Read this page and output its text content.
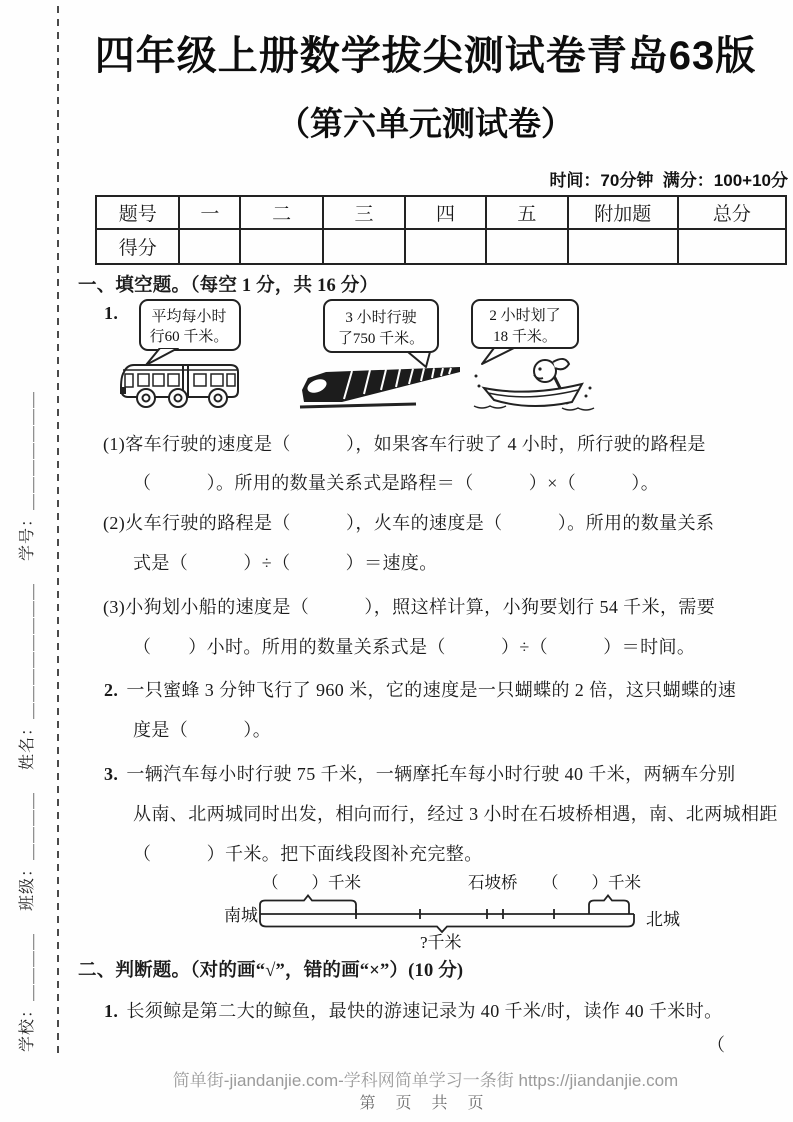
学校：＿＿＿＿　 班级：＿＿＿＿　 姓名：＿＿＿＿＿＿＿＿　 学号：＿＿＿＿＿＿＿
四年级上册数学拔尖测试卷青岛63版
（第六单元测试卷）
时间：70分钟  满分：100+10分
题号	一	二	三	四	五	附加题	总分
得分							
一、填空题。（每空 1 分，共 16 分）
1. 平均每小时
行60 千米。
3 小时行驶
了750 千米。
2 小时划了
18 千米。
(1)客车行驶的速度是（　　　），如果客车行驶了 4 小时，所行驶的路程是
（　　　）。所用的数量关系式是路程＝（　　　）×（　　　）。
(2)火车行驶的路程是（　　　），火车的速度是（　　　）。所用的数量关系
式是（　　　）÷（　　　）＝速度。
(3)小狗划小船的速度是（　　　），照这样计算，小狗要划行 54 千米，需要
（　　）小时。所用的数量关系式是（　　　）÷（　　　）＝时间。
2. 一只蜜蜂 3 分钟飞行了 960 米，它的速度是一只蝴蝶的 2 倍，这只蝴蝶的速
度是（　　　）。
3. 一辆汽车每小时行驶 75 千米，一辆摩托车每小时行驶 40 千米，两辆车分别
从南、北两城同时出发，相向而行，经过 3 小时在石坡桥相遇，南、北两城相距
（　　　）千米。把下面线段图补充完整。
南城	北城
（　　）千米	石坡桥 （　　）千米
?千米
二、判断题。（对的画“√”，错的画“×”）(10 分)
1. 长须鲸是第二大的鲸鱼，最快的游速记录为 40 千米/时，读作 40 千米时。
（
简单街-jiandanjie.com-学科网简单学习一条街 https://jiandanjie.com
第 页 共 页
